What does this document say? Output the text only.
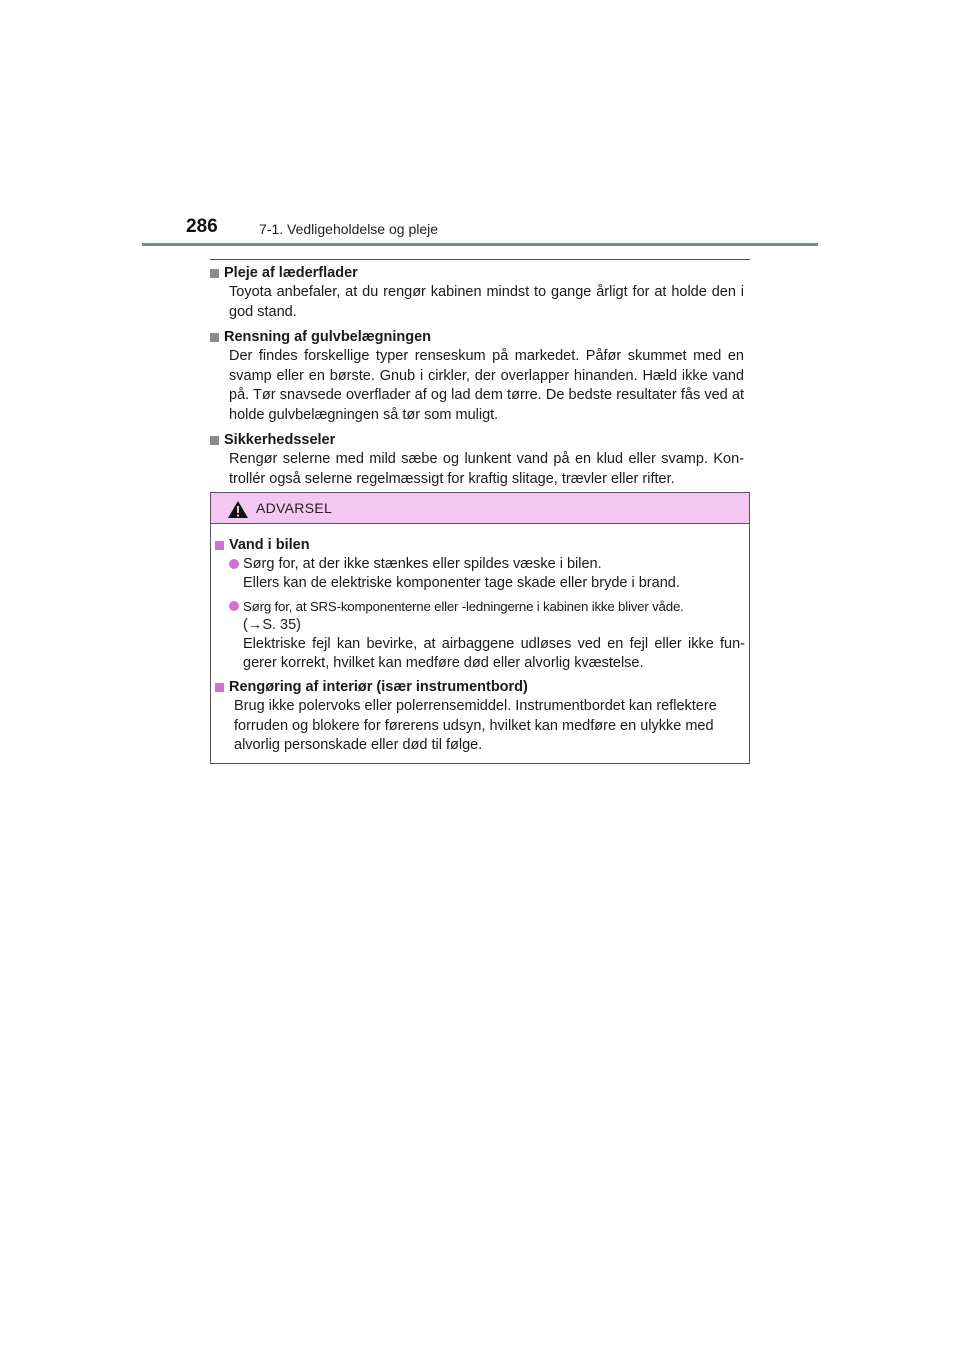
286	7-1. Vedligeholdelse og pleje
Pleje af læderflader
Toyota anbefaler, at du rengør kabinen mindst to gange årligt for at holde den i god stand.
Rensning af gulvbelægningen
Der findes forskellige typer renseskum på markedet. Påfør skummet med en svamp eller en børste. Gnub i cirkler, der overlapper hinanden. Hæld ikke vand på. Tør snavsede overflader af og lad dem tørre. De bedste resultater fås ved at holde gulvbelægningen så tør som muligt.
Sikkerhedsseler
Rengør selerne med mild sæbe og lunkent vand på en klud eller svamp. Kon-trollér også selerne regelmæssigt for kraftig slitage, trævler eller rifter.
ADVARSEL
Vand i bilen
Sørg for, at der ikke stænkes eller spildes væske i bilen.
Ellers kan de elektriske komponenter tage skade eller bryde i brand.
Sørg for, at SRS-komponenterne eller -ledningerne i kabinen ikke bliver våde.
(→S. 35)
Elektriske fejl kan bevirke, at airbaggene udløses ved en fejl eller ikke fun-gerer korrekt, hvilket kan medføre død eller alvorlig kvæstelse.
Rengøring af interiør (især instrumentbord)
Brug ikke polervoks eller polerrensemiddel. Instrumentbordet kan reflektere forruden og blokere for førerens udsyn, hvilket kan medføre en ulykke med alvorlig personskade eller død til følge.
